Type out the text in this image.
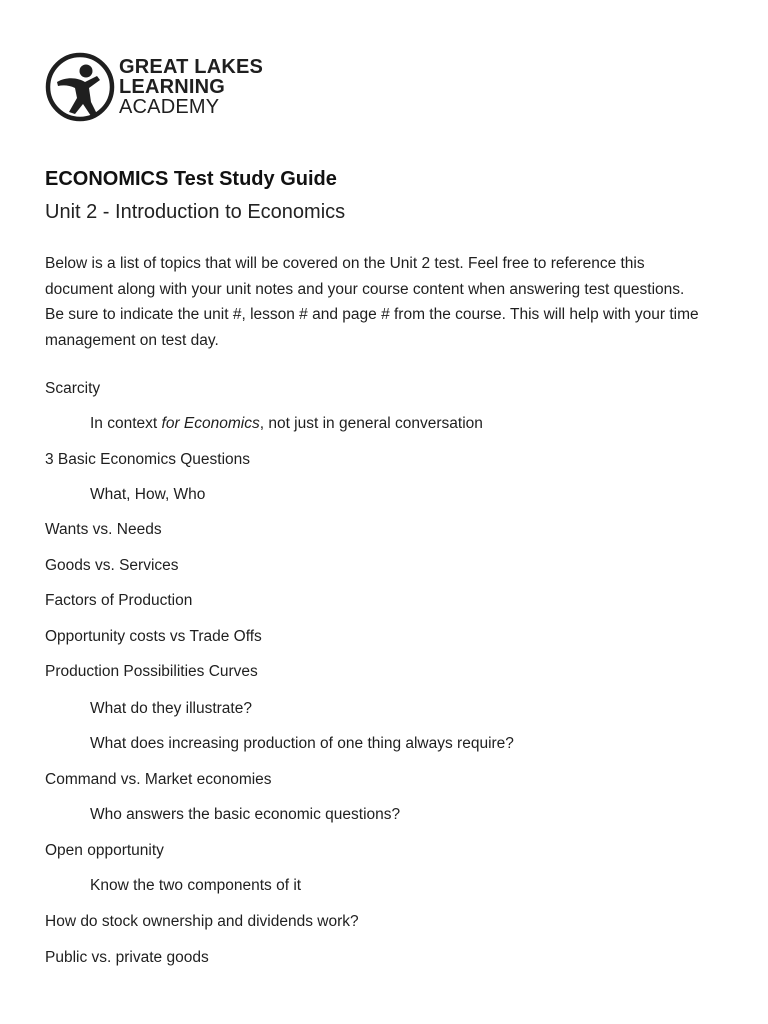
GREAT LAKES
LEARNING
ACADEMY
ECONOMICS Test Study Guide
Unit 2 - Introduction to Economics

Below is a list of topics that will be covered on the Unit 2 test. Feel free to reference this document along with your unit notes and your course content when answering test questions. Be sure to indicate the unit #, lesson # and page # from the course. This will help with your time management on test day.

Scarcity
In context for Economics, not just in general conversation
3 Basic Economics Questions
What, How, Who
Wants vs. Needs
Goods vs. Services
Factors of Production
Opportunity costs vs Trade Offs
Production Possibilities Curves
What do they illustrate?
What does increasing production of one thing always require?
Command vs. Market economies
Who answers the basic economic questions?
Open opportunity
Know the two components of it
How do stock ownership and dividends work?
Public vs. private goods
